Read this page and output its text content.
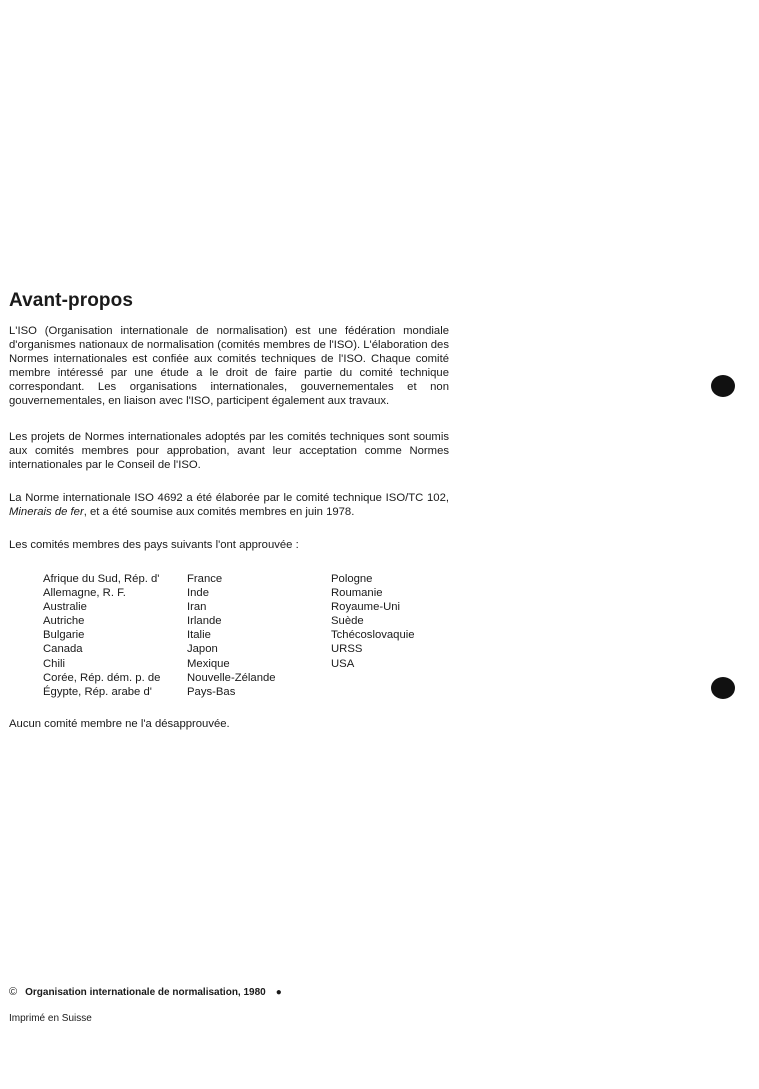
Avant-propos

L'ISO (Organisation internationale de normalisation) est une fédération mondiale d'organismes nationaux de normalisation (comités membres de l'ISO). L'élaboration des Normes internationales est confiée aux comités techniques de l'ISO. Chaque comité membre intéressé par une étude a le droit de faire partie du comité technique correspondant. Les organisations internationales, gouvernementales et non gouvernementales, en liaison avec l'ISO, participent également aux travaux.

Les projets de Normes internationales adoptés par les comités techniques sont soumis aux comités membres pour approbation, avant leur acceptation comme Normes internationales par le Conseil de l'ISO.

La Norme internationale ISO 4692 a été élaborée par le comité technique ISO/TC 102, Minerais de fer, et a été soumise aux comités membres en juin 1978.

Les comités membres des pays suivants l'ont approuvée :

Afrique du Sud, Rép. d'
Allemagne, R. F.
Australie
Autriche
Bulgarie
Canada
Chili
Corée, Rép. dém. p. de
Égypte, Rép. arabe d'
France
Inde
Iran
Irlande
Italie
Japon
Mexique
Nouvelle-Zélande
Pays-Bas
Pologne
Roumanie
Royaume-Uni
Suède
Tchécoslovaquie
URSS
USA

Aucun comité membre ne l'a désapprouvée.

© Organisation internationale de normalisation, 1980 ●
Imprimé en Suisse
